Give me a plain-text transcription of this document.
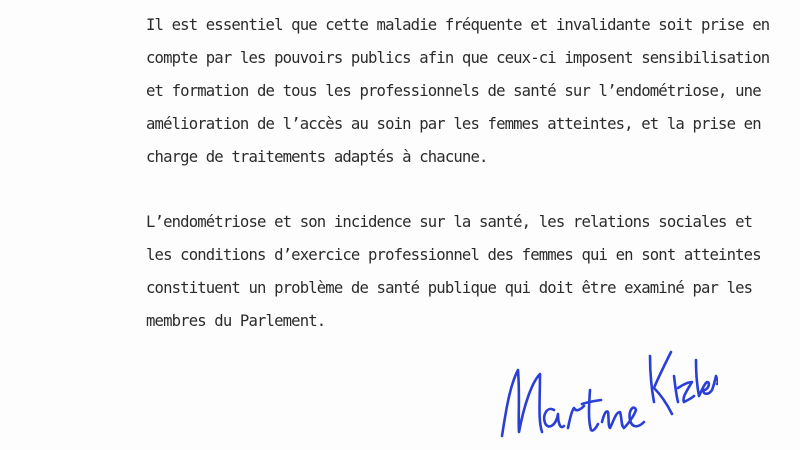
Il est essentiel que cette maladie fréquente et invalidante soit prise en compte par les pouvoirs publics afin que ceux-ci imposent sensibilisation et formation de tous les professionnels de santé sur l’endométriose, une amélioration de l’accès au soin par les femmes atteintes, et la prise en charge de traitements adaptés à chacune.

L’endométriose et son incidence sur la santé, les relations sociales et les conditions d’exercice professionnel des femmes qui en sont atteintes constituent un problème de santé publique qui doit être examiné par les membres du Parlement.
